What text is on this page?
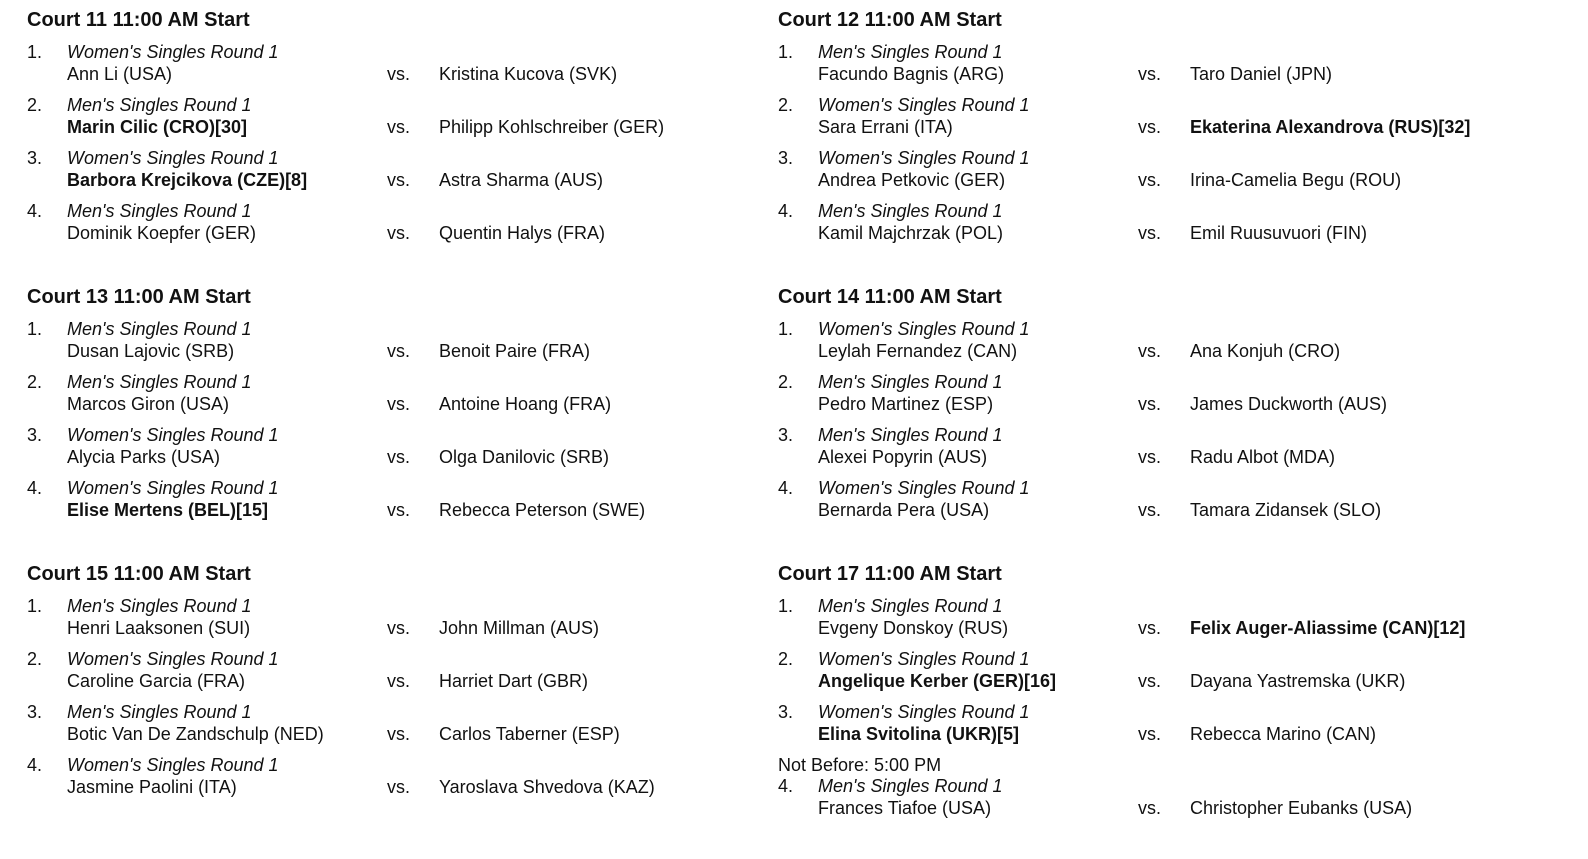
Court 11 11:00 AM Start
1. Women's Singles Round 1
Ann Li (USA)	vs. Kristina Kucova (SVK)
2. Men's Singles Round 1
Marin Cilic (CRO)[30]	vs. Philipp Kohlschreiber (GER)
3. Women's Singles Round 1
Barbora Krejcikova (CZE)[8]	vs. Astra Sharma (AUS)
4. Men's Singles Round 1
Dominik Koepfer (GER)	vs. Quentin Halys (FRA)
Court 12 11:00 AM Start
1. Men's Singles Round 1
Facundo Bagnis (ARG)	vs. Taro Daniel (JPN)
2. Women's Singles Round 1
Sara Errani (ITA)	vs. Ekaterina Alexandrova (RUS)[32]
3. Women's Singles Round 1
Andrea Petkovic (GER)	vs. Irina-Camelia Begu (ROU)
4. Men's Singles Round 1
Kamil Majchrzak (POL)	vs. Emil Ruusuvuori (FIN)
Court 13 11:00 AM Start
1. Men's Singles Round 1
Dusan Lajovic (SRB)	vs. Benoit Paire (FRA)
2. Men's Singles Round 1
Marcos Giron (USA)	vs. Antoine Hoang (FRA)
3. Women's Singles Round 1
Alycia Parks (USA)	vs. Olga Danilovic (SRB)
4. Women's Singles Round 1
Elise Mertens (BEL)[15]	vs. Rebecca Peterson (SWE)
Court 14 11:00 AM Start
1. Women's Singles Round 1
Leylah Fernandez (CAN)	vs. Ana Konjuh (CRO)
2. Men's Singles Round 1
Pedro Martinez (ESP)	vs. James Duckworth (AUS)
3. Men's Singles Round 1
Alexei Popyrin (AUS)	vs. Radu Albot (MDA)
4. Women's Singles Round 1
Bernarda Pera (USA)	vs. Tamara Zidansek (SLO)
Court 15 11:00 AM Start
1. Men's Singles Round 1
Henri Laaksonen (SUI)	vs. John Millman (AUS)
2. Women's Singles Round 1
Caroline Garcia (FRA)	vs. Harriet Dart (GBR)
3. Men's Singles Round 1
Botic Van De Zandschulp (NED)	vs. Carlos Taberner (ESP)
4. Women's Singles Round 1
Jasmine Paolini (ITA)	vs. Yaroslava Shvedova (KAZ)
Court 17 11:00 AM Start
1. Men's Singles Round 1
Evgeny Donskoy (RUS)	vs. Felix Auger-Aliassime (CAN)[12]
2. Women's Singles Round 1
Angelique Kerber (GER)[16]	vs. Dayana Yastremska (UKR)
3. Women's Singles Round 1
Elina Svitolina (UKR)[5]	vs. Rebecca Marino (CAN)
4. Men's Singles Round 1
Frances Tiafoe (USA)	vs. Christopher Eubanks (USA)
Not Before: 5:00 PM
